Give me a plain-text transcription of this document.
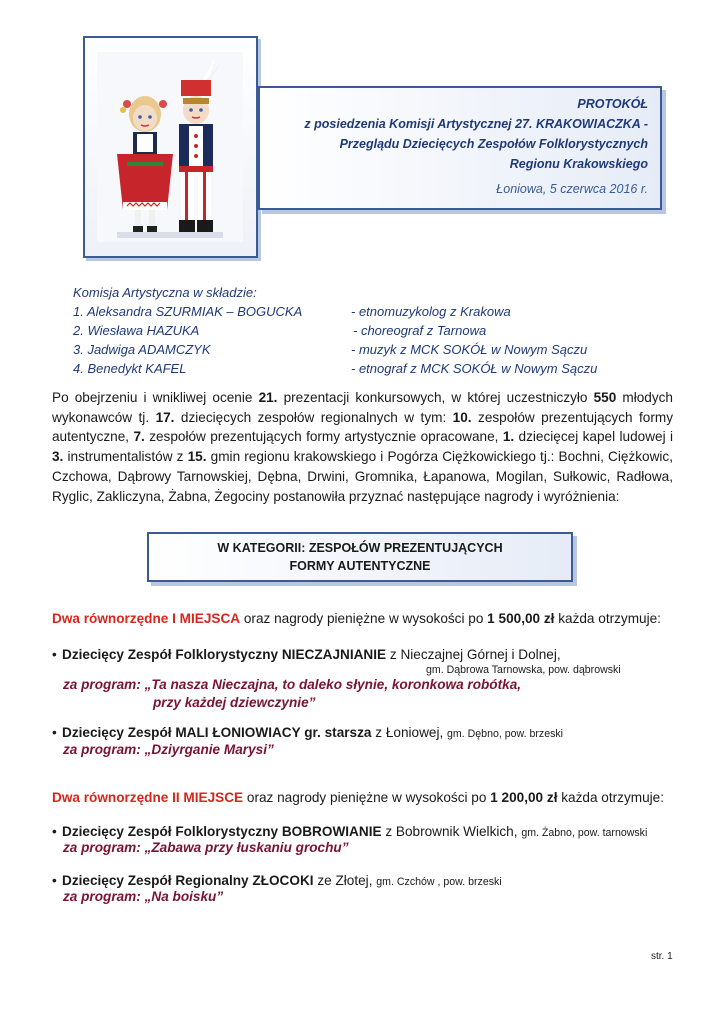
PROTOKÓŁ
z posiedzenia Komisji Artystycznej 27. KRAKOWIACZKA -
Przeglądu Dziecięcych Zespołów Folklorystycznych
Regionu Krakowskiego
Łoniowa, 5 czerwca 2016 r.
Komisja Artystyczna w składzie:
1. Aleksandra SZURMIAK – BOGUCKA	- etnomuzykolog z Krakowa
2. Wiesława HAZUKA	- choreograf z Tarnowa
3. Jadwiga ADAMCZYK	- muzyk z MCK SOKÓŁ w Nowym Sączu
4. Benedykt KAFEL	- etnograf z MCK SOKÓŁ w Nowym Sączu
Po obejrzeniu i wnikliwej ocenie 21. prezentacji konkursowych, w której uczestniczyło 550 młodych wykonawców tj. 17. dziecięcych zespołów regionalnych w tym: 10. zespołów prezentujących formy autentyczne, 7. zespołów prezentujących formy artystycznie opracowane, 1. dziecięcej kapel ludowej i 3. instrumentalistów z 15. gmin regionu krakowskiego i Pogórza Ciężkowickiego tj.: Bochni, Ciężkowic, Czchowa, Dąbrowy Tarnowskiej, Dębna, Drwini, Gromnika, Łapanowa, Mogilan, Sułkowic, Radłowa, Ryglic, Zakliczyna, Żabna, Żegociny postanowiła przyznać następujące nagrody i wyróżnienia:
W KATEGORII: ZESPOŁÓW PREZENTUJĄCYCH
FORMY AUTENTYCZNE
Dwa równorzędne I MIEJSCA oraz nagrody pieniężne w wysokości po 1 500,00 zł każda otrzymuje:
• Dziecięcy Zespół Folklorystyczny NIECZAJNIANIE z Nieczajnej Górnej i Dolnej,
gm. Dąbrowa Tarnowska, pow. dąbrowski
za program: „Ta nasza Nieczajna, to daleko słynie, koronkowa robótka,
przy każdej dziewczynie”
• Dziecięcy Zespół MALI ŁONIOWIACY gr. starsza z Łoniowej, gm. Dębno, pow. brzeski
za program: „Dziyrganie Marysi”
Dwa równorzędne II MIEJSCE oraz nagrody pieniężne w wysokości po 1 200,00 zł każda otrzymuje:
• Dziecięcy Zespół Folklorystyczny BOBROWIANIE z Bobrownik Wielkich, gm. Żabno, pow. tarnowski
za program: „Zabawa przy łuskaniu grochu”
• Dziecięcy Zespół Regionalny ZŁOCOKI ze Złotej, gm. Czchów , pow. brzeski
za program: „Na boisku”
str. 1
